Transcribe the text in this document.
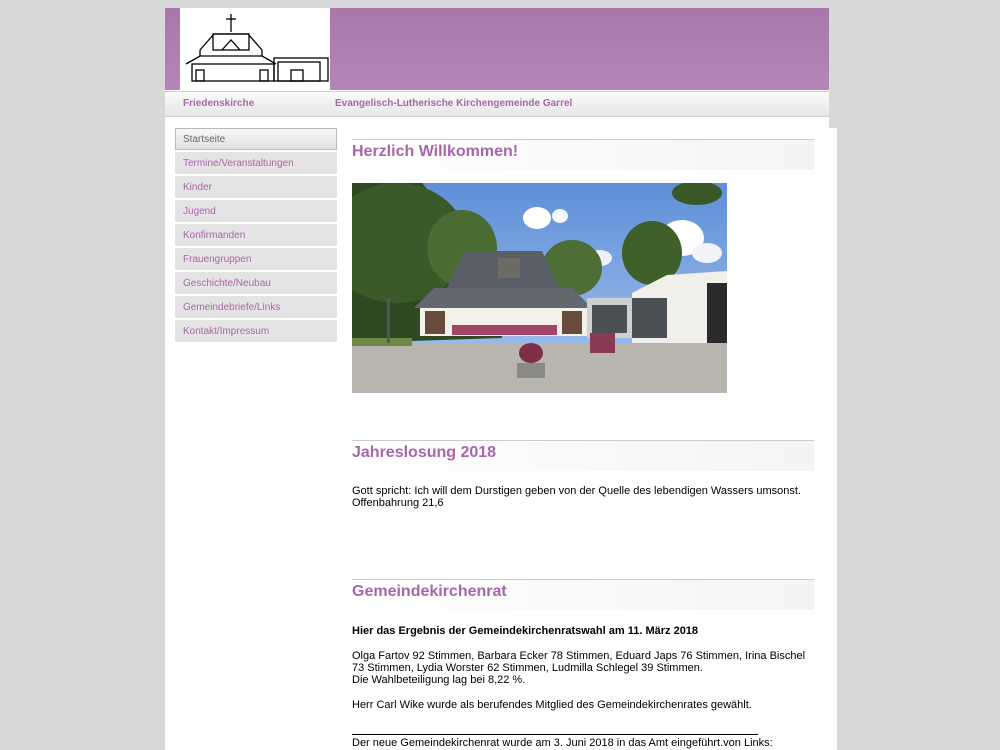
Friedenskirche	Evangelisch-Lutherische Kirchengemeinde Garrel
Startseite
Termine/Veranstaltungen
Kinder
Jugend
Konfirmanden
Frauengruppen
Geschichte/Neubau
Gemeindebriefe/Links
Kontakt/Impressum
Herzlich Willkommen!
Jahreslosung 2018

Gott spricht: Ich will dem Durstigen geben von der Quelle des lebendigen Wassers umsonst.

Offenbahrung 21,6

Gemeindekirchenrat

Hier das Ergebnis der Gemeindekirchenratswahl am 11. März 2018

Olga Fartov 92 Stimmen, Barbara Ecker 78 Stimmen, Eduard Japs 76 Stimmen, Irina Bischel

73 Stimmen, Lydia Worster 62 Stimmen, Ludmilla Schlegel 39 Stimmen.

Die Wahlbeteiligung lag bei 8,22 %.

Herr Carl Wike wurde als berufendes Mitglied des Gemeindekirchenrates gewählt.

Der neue Gemeindekirchenrat wurde am 3. Juni 2018 in das Amt eingeführt.von Links:
